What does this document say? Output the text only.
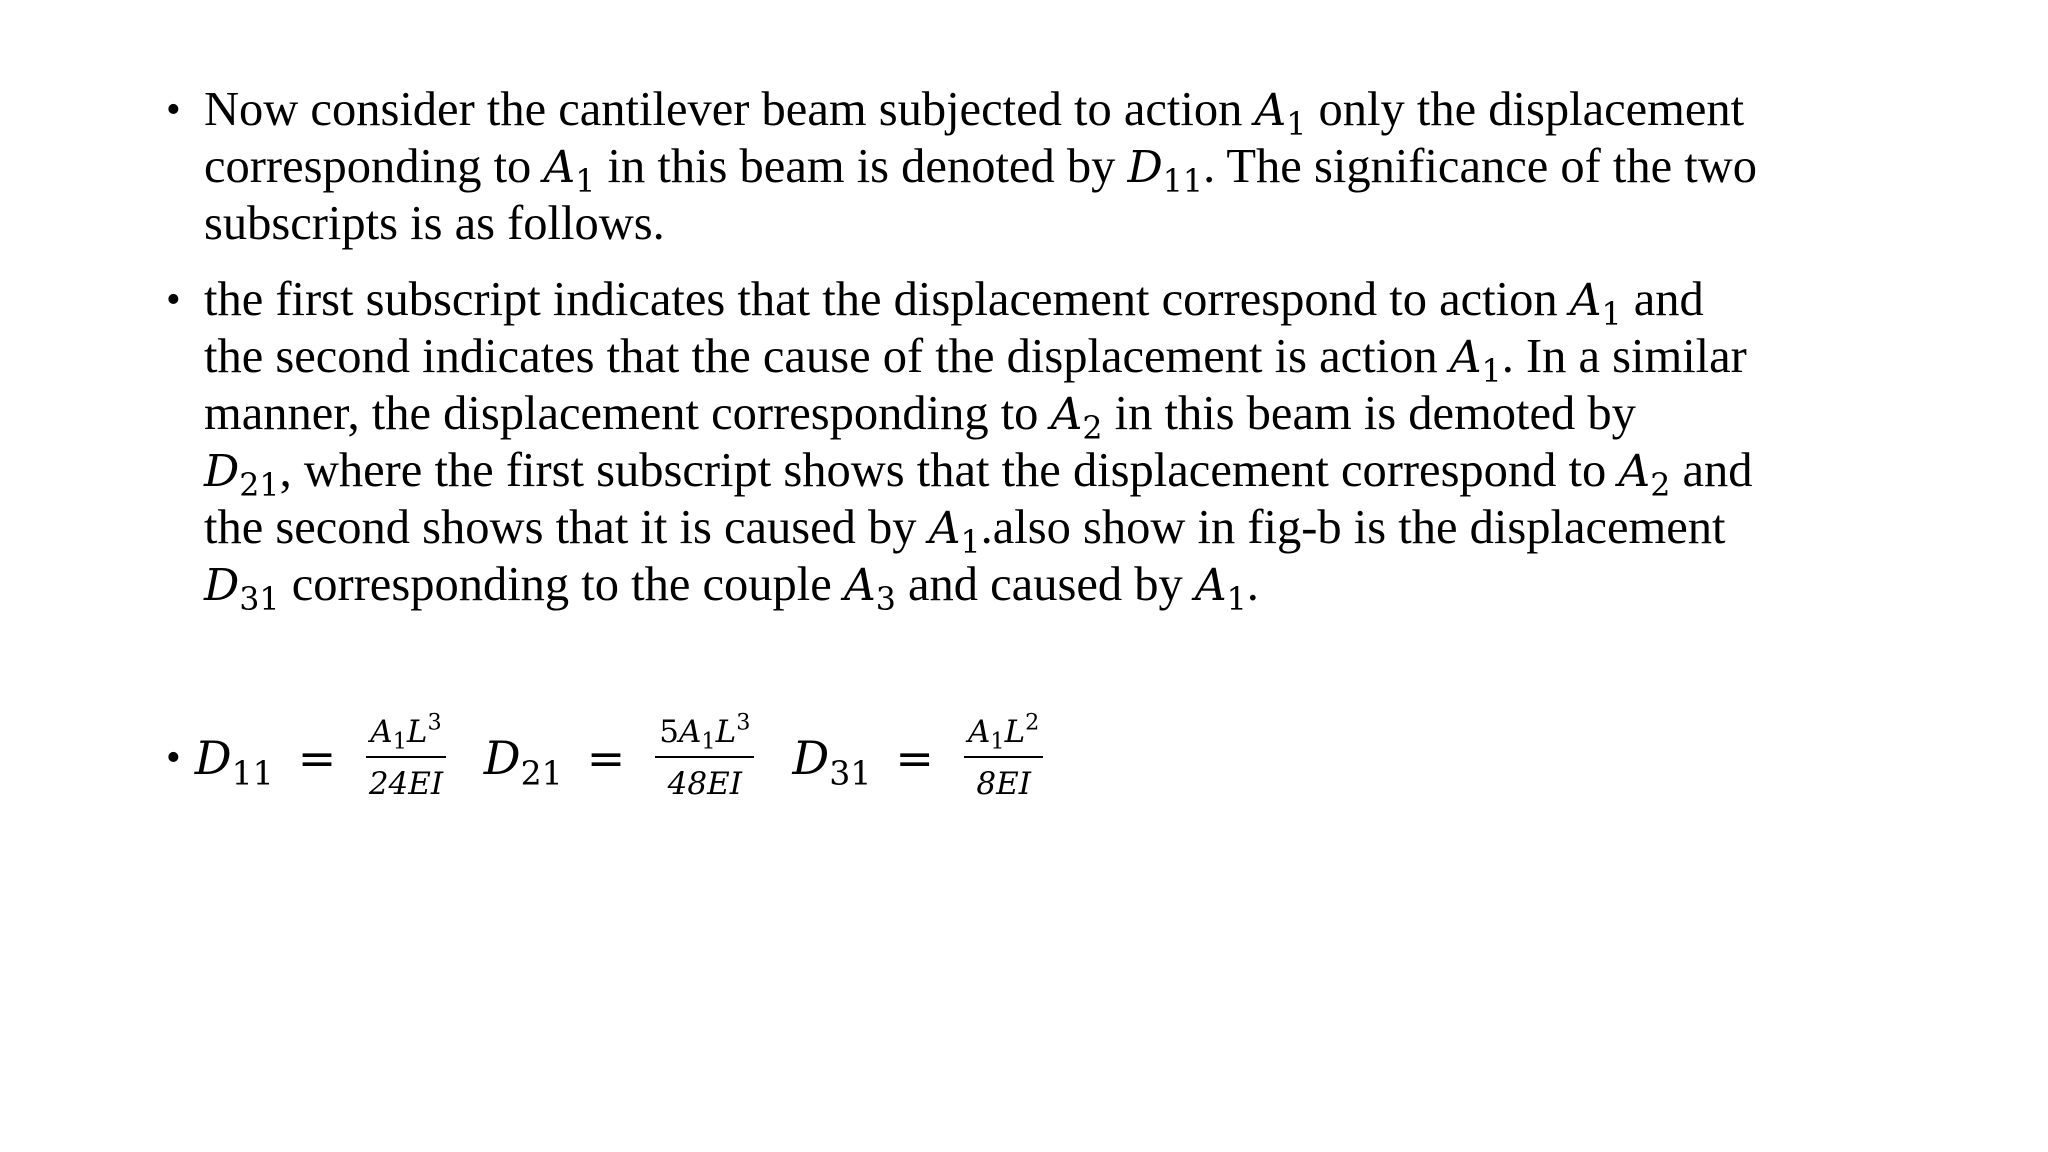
• Now consider the cantilever beam subjected to action $A_1$ only the displacement
corresponding to $A_1$ in this beam is denoted by $D_{11}$. The significance of the two
subscripts is as follows.
• the first subscript indicates that the displacement correspond to action $A_1$ and
the second indicates that the cause of the displacement is action $A_1$. In a similar
manner, the displacement corresponding to $A_2$ in this beam is demoted by
$D_{21}$, where the first subscript shows that the displacement correspond to $A_2$ and
the second shows that it is caused by $A_1.also$ show in fig-b is the displacement
$D_{31}$ corresponding to the couple $A_3$ and caused by $A_1$.
• $D_{11} = \frac{A_1L^3}{24EI} D_{21} = \frac{5A_1L^3}{48EI} D_{31} = \frac{A_1L^2}{8EI}$
